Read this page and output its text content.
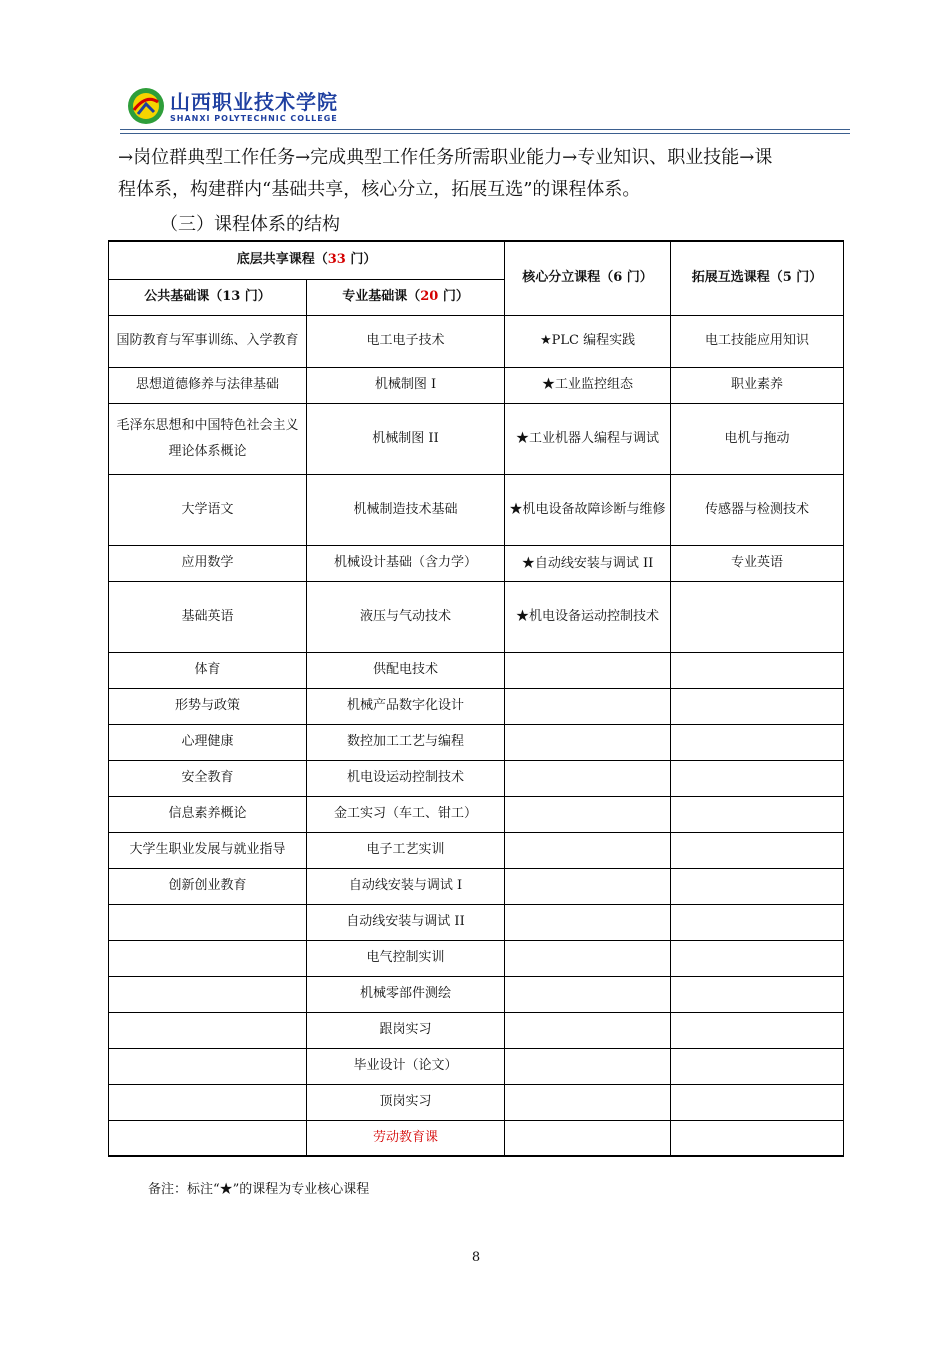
山西职业技术学院
SHANXI POLYTECHNIC COLLEGE
→岗位群典型工作任务→完成典型工作任务所需职业能力→专业知识、职业技能→课
程体系，构建群内“基础共享，核心分立，拓展互选”的课程体系。
（三）课程体系的结构
底层共享课程（33 门）		核心分立课程（6 门）	拓展互选课程（5 门）
公共基础课（13 门）	专业基础课（20 门）		
国防教育与军事训练、入学教育	电工电子技术	★PLC 编程实践	电工技能应用知识
思想道德修养与法律基础	机械制图 I	★工业监控组态	职业素养
毛泽东思想和中国特色社会主义理论体系概论	机械制图 II	★工业机器人编程与调试	电机与拖动
大学语文	机械制造技术基础	★机电设备故障诊断与维修	传感器与检测技术
应用数学	机械设计基础（含力学）	★自动线安装与调试 II	专业英语
基础英语	液压与气动技术	★机电设备运动控制技术	
体育	供配电技术		
形势与政策	机械产品数字化设计		
心理健康	数控加工工艺与编程		
安全教育	机电设运动控制技术		
信息素养概论	金工实习（车工、钳工）		
大学生职业发展与就业指导	电子工艺实训		
创新创业教育	自动线安装与调试 I		
	自动线安装与调试 II		
	电气控制实训		
	机械零部件测绘		
	跟岗实习		
	毕业设计（论文）		
	顶岗实习		
	劳动教育课		
备注：标注“★”的课程为专业核心课程
8
